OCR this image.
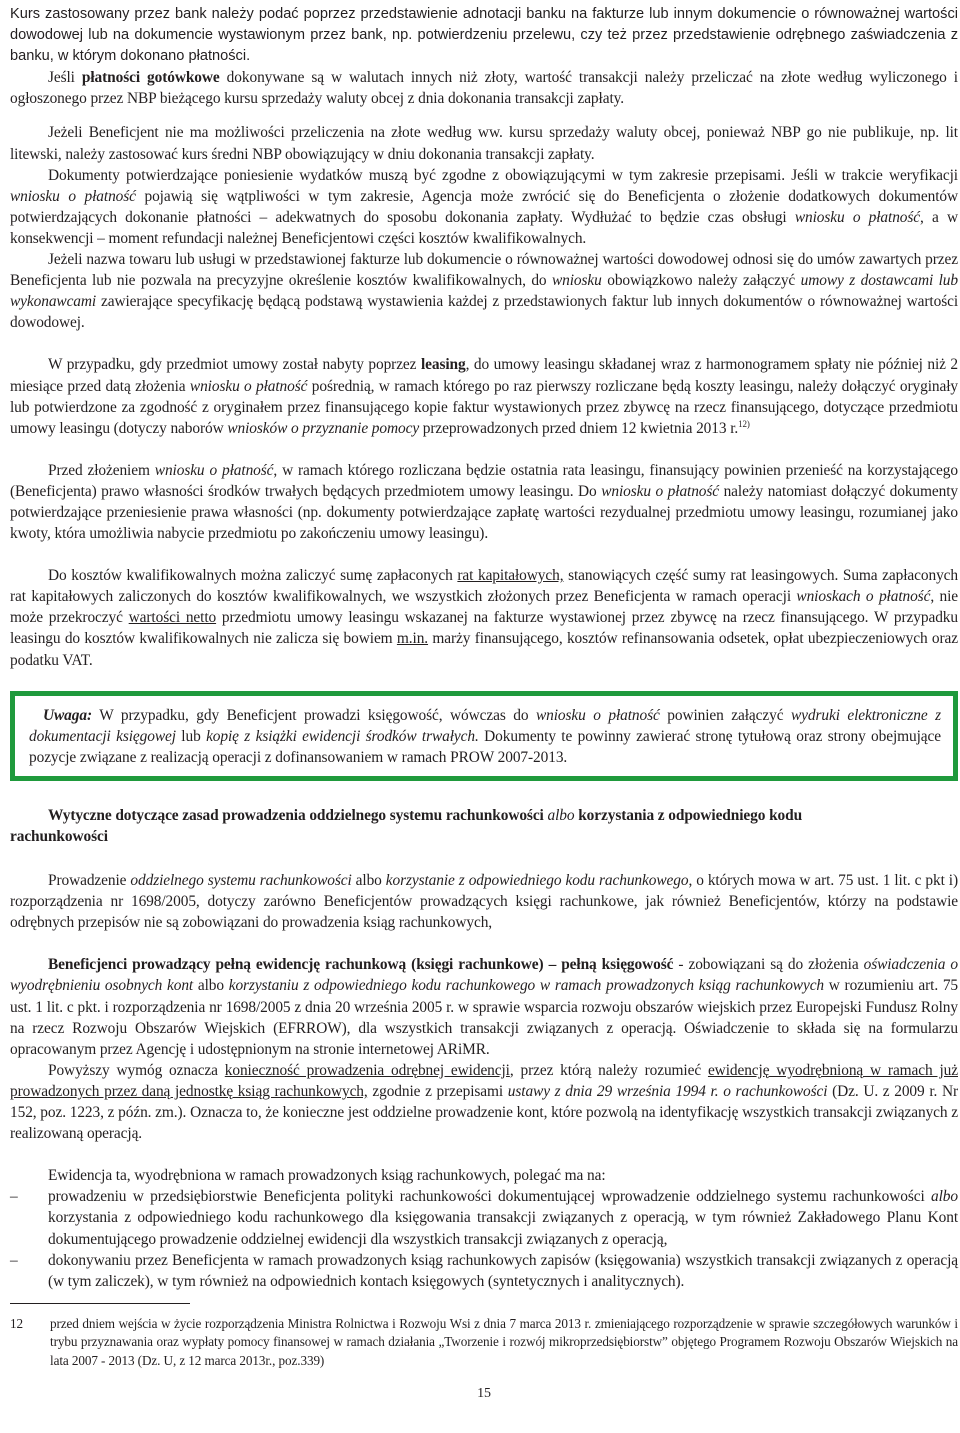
Kurs zastosowany przez bank należy podać poprzez przedstawienie adnotacji banku na fakturze lub innym dokumencie o równoważnej wartości dowodowej lub na dokumencie wystawionym przez bank, np. potwierdzeniu przelewu, czy też przez przedstawienie odrębnego zaświadczenia z banku, w którym dokonano płatności.

Jeśli płatności gotówkowe dokonywane są w walutach innych niż złoty, wartość transakcji należy przeliczać na złote według wyliczonego i ogłoszonego przez NBP bieżącego kursu sprzedaży waluty obcej z dnia dokonania transakcji zapłaty.

Jeżeli Beneficjent nie ma możliwości przeliczenia na złote według ww. kursu sprzedaży waluty obcej, ponieważ NBP go nie publikuje, np. lit litewski, należy zastosować kurs średni NBP obowiązujący w dniu dokonania transakcji zapłaty.

Dokumenty potwierdzające poniesienie wydatków muszą być zgodne z obowiązującymi w tym zakresie przepisami. Jeśli w trakcie weryfikacji wniosku o płatność pojawią się wątpliwości w tym zakresie, Agencja może zwrócić się do Beneficjenta o złożenie dodatkowych dokumentów potwierdzających dokonanie płatności – adekwatnych do sposobu dokonania zapłaty. Wydłużać to będzie czas obsługi wniosku o płatność, a w konsekwencji – moment refundacji należnej Beneficjentowi części kosztów kwalifikowalnych.

Jeżeli nazwa towaru lub usługi w przedstawionej fakturze lub dokumencie o równoważnej wartości dowodowej odnosi się do umów zawartych przez Beneficjenta lub nie pozwala na precyzyjne określenie kosztów kwalifikowalnych, do wniosku obowiązkowo należy załączyć umowy z dostawcami lub wykonawcami zawierające specyfikację będącą podstawą wystawienia każdej z przedstawionych faktur lub innych dokumentów o równoważnej wartości dowodowej.

W przypadku, gdy przedmiot umowy został nabyty poprzez leasing, do umowy leasingu składanej wraz z harmonogramem spłaty nie później niż 2 miesiące przed datą złożenia wniosku o płatność pośrednią, w ramach którego po raz pierwszy rozliczane będą koszty leasingu, należy dołączyć oryginały lub potwierdzone za zgodność z oryginałem przez finansującego kopie faktur wystawionych przez zbywcę na rzecz finansującego, dotyczące przedmiotu umowy leasingu (dotyczy naborów wniosków o przyznanie pomocy przeprowadzonych przed dniem 12 kwietnia 2013 r.$^{12)}$

Przed złożeniem wniosku o płatność, w ramach którego rozliczana będzie ostatnia rata leasingu, finansujący powinien przenieść na korzystającego (Beneficjenta) prawo własności środków trwałych będących przedmiotem umowy leasingu. Do wniosku o płatność należy natomiast dołączyć dokumenty potwierdzające przeniesienie prawa własności (np. dokumenty potwierdzające zapłatę wartości rezydualnej przedmiotu umowy leasingu, rozumianej jako kwoty, która umożliwia nabycie przedmiotu po zakończeniu umowy leasingu).

Do kosztów kwalifikowalnych można zaliczyć sumę zapłaconych rat kapitałowych, stanowiących część sumy rat leasingowych. Suma zapłaconych rat kapitałowych zaliczonych do kosztów kwalifikowalnych, we wszystkich złożonych przez Beneficjenta w ramach operacji wnioskach o płatność, nie może przekroczyć wartości netto przedmiotu umowy leasingu wskazanej na fakturze wystawionej przez zbywcę na rzecz finansującego. W przypadku leasingu do kosztów kwalifikowalnych nie zalicza się bowiem m.in. marży finansującego, kosztów refinansowania odsetek, opłat ubezpieczeniowych oraz podatku VAT.

Uwaga: W przypadku, gdy Beneficjent prowadzi księgowość, wówczas do wniosku o płatność powinien załączyć wydruki elektroniczne z dokumentacji księgowej lub kopię z książki ewidencji środków trwałych. Dokumenty te powinny zawierać stronę tytułową oraz strony obejmujące pozycje związane z realizacją operacji z dofinansowaniem w ramach PROW 2007-2013.

Wytyczne dotyczące zasad prowadzenia oddzielnego systemu rachunkowości albo korzystania z odpowiedniego kodu

rachunkowości

Prowadzenie oddzielnego systemu rachunkowości albo korzystanie z odpowiedniego kodu rachunkowego, o których mowa w art. 75 ust. 1 lit. c pkt i) rozporządzenia nr 1698/2005, dotyczy zarówno Beneficjentów prowadzących księgi rachunkowe, jak również Beneficjentów, którzy na podstawie odrębnych przepisów nie są zobowiązani do prowadzenia ksiąg rachunkowych,

Beneficjenci prowadzący pełną ewidencję rachunkową (księgi rachunkowe) – pełną księgowość - zobowiązani są do złożenia oświadczenia o wyodrębnieniu osobnych kont albo korzystaniu z odpowiedniego kodu rachunkowego w ramach prowadzonych ksiąg rachunkowych w rozumieniu art. 75 ust. 1 lit. c pkt. i rozporządzenia nr 1698/2005 z dnia 20 września 2005 r. w sprawie wsparcia rozwoju obszarów wiejskich przez Europejski Fundusz Rolny na rzecz Rozwoju Obszarów Wiejskich (EFRROW), dla wszystkich transakcji związanych z operacją. Oświadczenie to składa się na formularzu opracowanym przez Agencję i udostępnionym na stronie internetowej ARiMR.

Powyższy wymóg oznacza konieczność prowadzenia odrębnej ewidencji, przez którą należy rozumieć ewidencję wyodrębnioną w ramach już prowadzonych przez daną jednostkę ksiąg rachunkowych, zgodnie z przepisami ustawy z dnia 29 września 1994 r. o rachunkowości (Dz. U. z 2009 r. Nr 152, poz. 1223, z późn. zm.). Oznacza to, że konieczne jest oddzielne prowadzenie kont, które pozwolą na identyfikację wszystkich transakcji związanych z realizowaną operacją.

Ewidencja ta, wyodrębniona w ramach prowadzonych ksiąg rachunkowych, polegać ma na:

– prowadzeniu w przedsiębiorstwie Beneficjenta polityki rachunkowości dokumentującej wprowadzenie oddzielnego systemu rachunkowości albo korzystania z odpowiedniego kodu rachunkowego dla księgowania transakcji związanych z operacją, w tym również Zakładowego Planu Kont dokumentującego prowadzenie oddzielnej ewidencji dla wszystkich transakcji związanych z operacją,

– dokonywaniu przez Beneficjenta w ramach prowadzonych ksiąg rachunkowych zapisów (księgowania) wszystkich transakcji związanych z operacją (w tym zaliczek), w tym również na odpowiednich kontach księgowych (syntetycznych i analitycznych).

12 przed dniem wejścia w życie rozporządzenia Ministra Rolnictwa i Rozwoju Wsi z dnia 7 marca 2013 r. zmieniającego rozporządzenie w sprawie szczegółowych warunków i trybu przyznawania oraz wypłaty pomocy finansowej w ramach działania „Tworzenie i rozwój mikroprzedsiębiorstw” objętego Programem Rozwoju Obszarów Wiejskich na lata 2007 - 2013 (Dz. U, z 12 marca 2013r., poz.339)

15
